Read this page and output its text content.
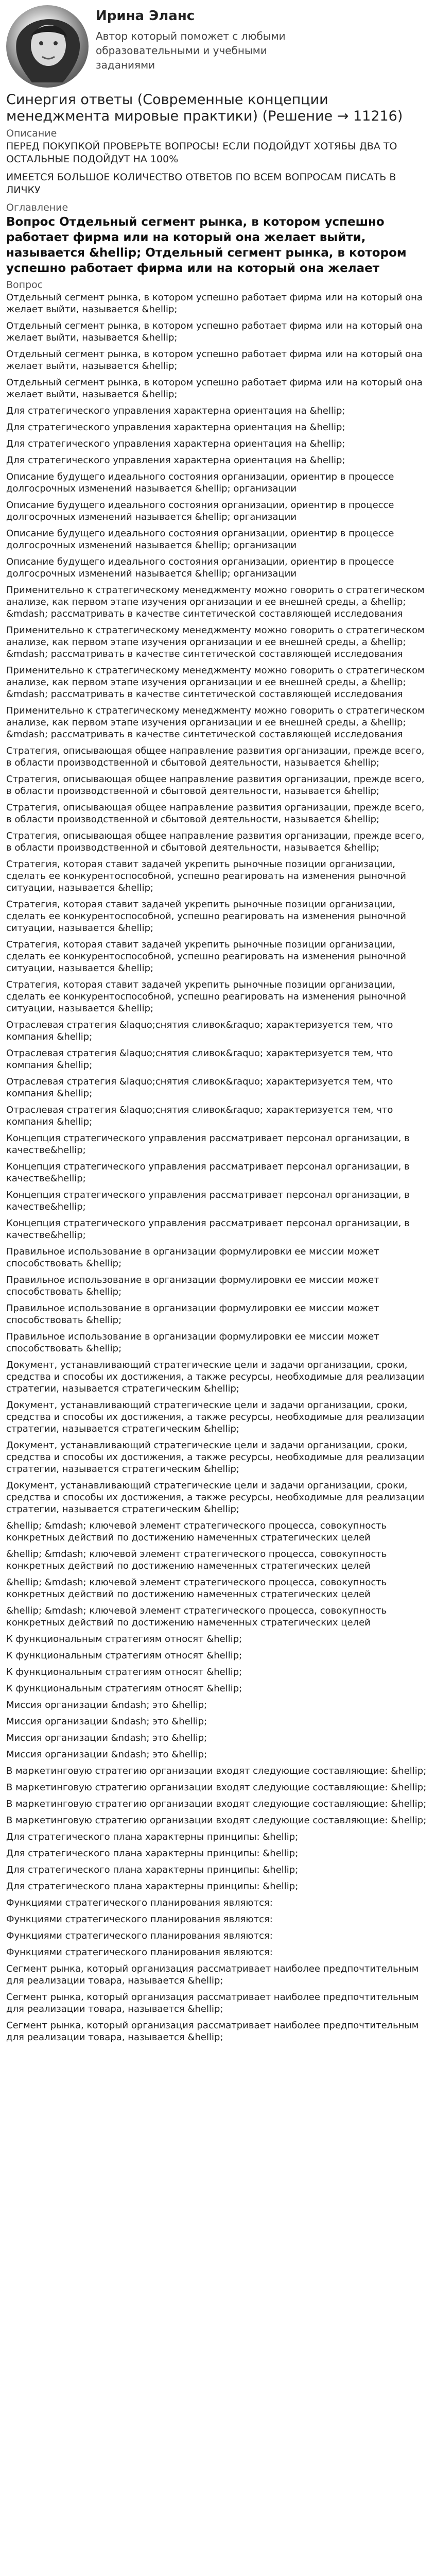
Ирина Эланс
Автор который поможет с любыми образовательными и учебными заданиями
Синергия ответы (Современные концепции менеджмента мировые практики) (Решение → 11216)
Описание
ПЕРЕД ПОКУПКОЙ ПРОВЕРЬТЕ ВОПРОСЫ! ЕСЛИ ПОДОЙДУТ ХОТЯБЫ ДВА ТО ОСТАЛЬНЫЕ ПОДОЙДУТ НА 100%
ИМЕЕТСЯ БОЛЬШОЕ КОЛИЧЕСТВО ОТВЕТОВ ПО ВСЕМ ВОПРОСАМ ПИСАТЬ В ЛИЧКУ
Оглавление
Вопрос Отдельный сегмент рынка, в котором успешно работает фирма или на который она желает выйти, называется &hellip; Отдельный сегмент рынка, в котором успешно работает фирма или на который она желает
Вопрос
Отдельный сегмент рынка, в котором успешно работает фирма или на который она желает выйти, называется &hellip;
Отдельный сегмент рынка, в котором успешно работает фирма или на который она желает выйти, называется &hellip;
Отдельный сегмент рынка, в котором успешно работает фирма или на который она желает выйти, называется &hellip;
Отдельный сегмент рынка, в котором успешно работает фирма или на который она желает выйти, называется &hellip;
Для стратегического управления характерна ориентация на &hellip;
Для стратегического управления характерна ориентация на &hellip;
Для стратегического управления характерна ориентация на &hellip;
Для стратегического управления характерна ориентация на &hellip;
Описание будущего идеального состояния организации, ориентир в процессе долгосрочных изменений называется &hellip; организации
Описание будущего идеального состояния организации, ориентир в процессе долгосрочных изменений называется &hellip; организации
Описание будущего идеального состояния организации, ориентир в процессе долгосрочных изменений называется &hellip; организации
Описание будущего идеального состояния организации, ориентир в процессе долгосрочных изменений называется &hellip; организации
Применительно к стратегическому менеджменту можно говорить о стратегическом анализе, как первом этапе изучения организации и ее внешней среды, а &hellip; &mdash; рассматривать в качестве синтетической составляющей исследования
Применительно к стратегическому менеджменту можно говорить о стратегическом анализе, как первом этапе изучения организации и ее внешней среды, а &hellip; &mdash; рассматривать в качестве синтетической составляющей исследования
Применительно к стратегическому менеджменту можно говорить о стратегическом анализе, как первом этапе изучения организации и ее внешней среды, а &hellip; &mdash; рассматривать в качестве синтетической составляющей исследования
Применительно к стратегическому менеджменту можно говорить о стратегическом анализе, как первом этапе изучения организации и ее внешней среды, а &hellip; &mdash; рассматривать в качестве синтетической составляющей исследования
Стратегия, описывающая общее направление развития организации, прежде всего, в области производственной и сбытовой деятельности, называется &hellip;
Стратегия, описывающая общее направление развития организации, прежде всего, в области производственной и сбытовой деятельности, называется &hellip;
Стратегия, описывающая общее направление развития организации, прежде всего, в области производственной и сбытовой деятельности, называется &hellip;
Стратегия, описывающая общее направление развития организации, прежде всего, в области производственной и сбытовой деятельности, называется &hellip;
Стратегия, которая ставит задачей укрепить рыночные позиции организации, сделать ее конкурентоспособной, успешно реагировать на изменения рыночной ситуации, называется &hellip;
Стратегия, которая ставит задачей укрепить рыночные позиции организации, сделать ее конкурентоспособной, успешно реагировать на изменения рыночной ситуации, называется &hellip;
Стратегия, которая ставит задачей укрепить рыночные позиции организации, сделать ее конкурентоспособной, успешно реагировать на изменения рыночной ситуации, называется &hellip;
Стратегия, которая ставит задачей укрепить рыночные позиции организации, сделать ее конкурентоспособной, успешно реагировать на изменения рыночной ситуации, называется &hellip;
Отраслевая стратегия &laquo;снятия сливок&raquo; характеризуется тем, что компания &hellip;
Отраслевая стратегия &laquo;снятия сливок&raquo; характеризуется тем, что компания &hellip;
Отраслевая стратегия &laquo;снятия сливок&raquo; характеризуется тем, что компания &hellip;
Отраслевая стратегия &laquo;снятия сливок&raquo; характеризуется тем, что компания &hellip;
Концепция стратегического управления рассматривает персонал организации, в качестве&hellip;
Концепция стратегического управления рассматривает персонал организации, в качестве&hellip;
Концепция стратегического управления рассматривает персонал организации, в качестве&hellip;
Концепция стратегического управления рассматривает персонал организации, в качестве&hellip;
Правильное использование в организации формулировки ее миссии может способствовать &hellip;
Правильное использование в организации формулировки ее миссии может способствовать &hellip;
Правильное использование в организации формулировки ее миссии может способствовать &hellip;
Правильное использование в организации формулировки ее миссии может способствовать &hellip;
Документ, устанавливающий стратегические цели и задачи организации, сроки, средства и способы их достижения, а также ресурсы, необходимые для реализации стратегии, называется стратегическим &hellip;
Документ, устанавливающий стратегические цели и задачи организации, сроки, средства и способы их достижения, а также ресурсы, необходимые для реализации стратегии, называется стратегическим &hellip;
Документ, устанавливающий стратегические цели и задачи организации, сроки, средства и способы их достижения, а также ресурсы, необходимые для реализации стратегии, называется стратегическим &hellip;
Документ, устанавливающий стратегические цели и задачи организации, сроки, средства и способы их достижения, а также ресурсы, необходимые для реализации стратегии, называется стратегическим &hellip;
&hellip; &mdash; ключевой элемент стратегического процесса, совокупность конкретных действий по достижению намеченных стратегических целей
&hellip; &mdash; ключевой элемент стратегического процесса, совокупность конкретных действий по достижению намеченных стратегических целей
&hellip; &mdash; ключевой элемент стратегического процесса, совокупность конкретных действий по достижению намеченных стратегических целей
&hellip; &mdash; ключевой элемент стратегического процесса, совокупность конкретных действий по достижению намеченных стратегических целей
К функциональным стратегиям относят &hellip;
К функциональным стратегиям относят &hellip;
К функциональным стратегиям относят &hellip;
К функциональным стратегиям относят &hellip;
Миссия организации &ndash; это &hellip;
Миссия организации &ndash; это &hellip;
Миссия организации &ndash; это &hellip;
Миссия организации &ndash; это &hellip;
В маркетинговую стратегию организации входят следующие составляющие: &hellip;
В маркетинговую стратегию организации входят следующие составляющие: &hellip;
В маркетинговую стратегию организации входят следующие составляющие: &hellip;
В маркетинговую стратегию организации входят следующие составляющие: &hellip;
Для стратегического плана характерны принципы: &hellip;
Для стратегического плана характерны принципы: &hellip;
Для стратегического плана характерны принципы: &hellip;
Для стратегического плана характерны принципы: &hellip;
Функциями стратегического планирования являются:
Функциями стратегического планирования являются:
Функциями стратегического планирования являются:
Функциями стратегического планирования являются:
Сегмент рынка, который организация рассматривает наиболее предпочтительным для реализации товара, называется &hellip;
Сегмент рынка, который организация рассматривает наиболее предпочтительным для реализации товара, называется &hellip;
Сегмент рынка, который организация рассматривает наиболее предпочтительным для реализации товара, называется &hellip;
